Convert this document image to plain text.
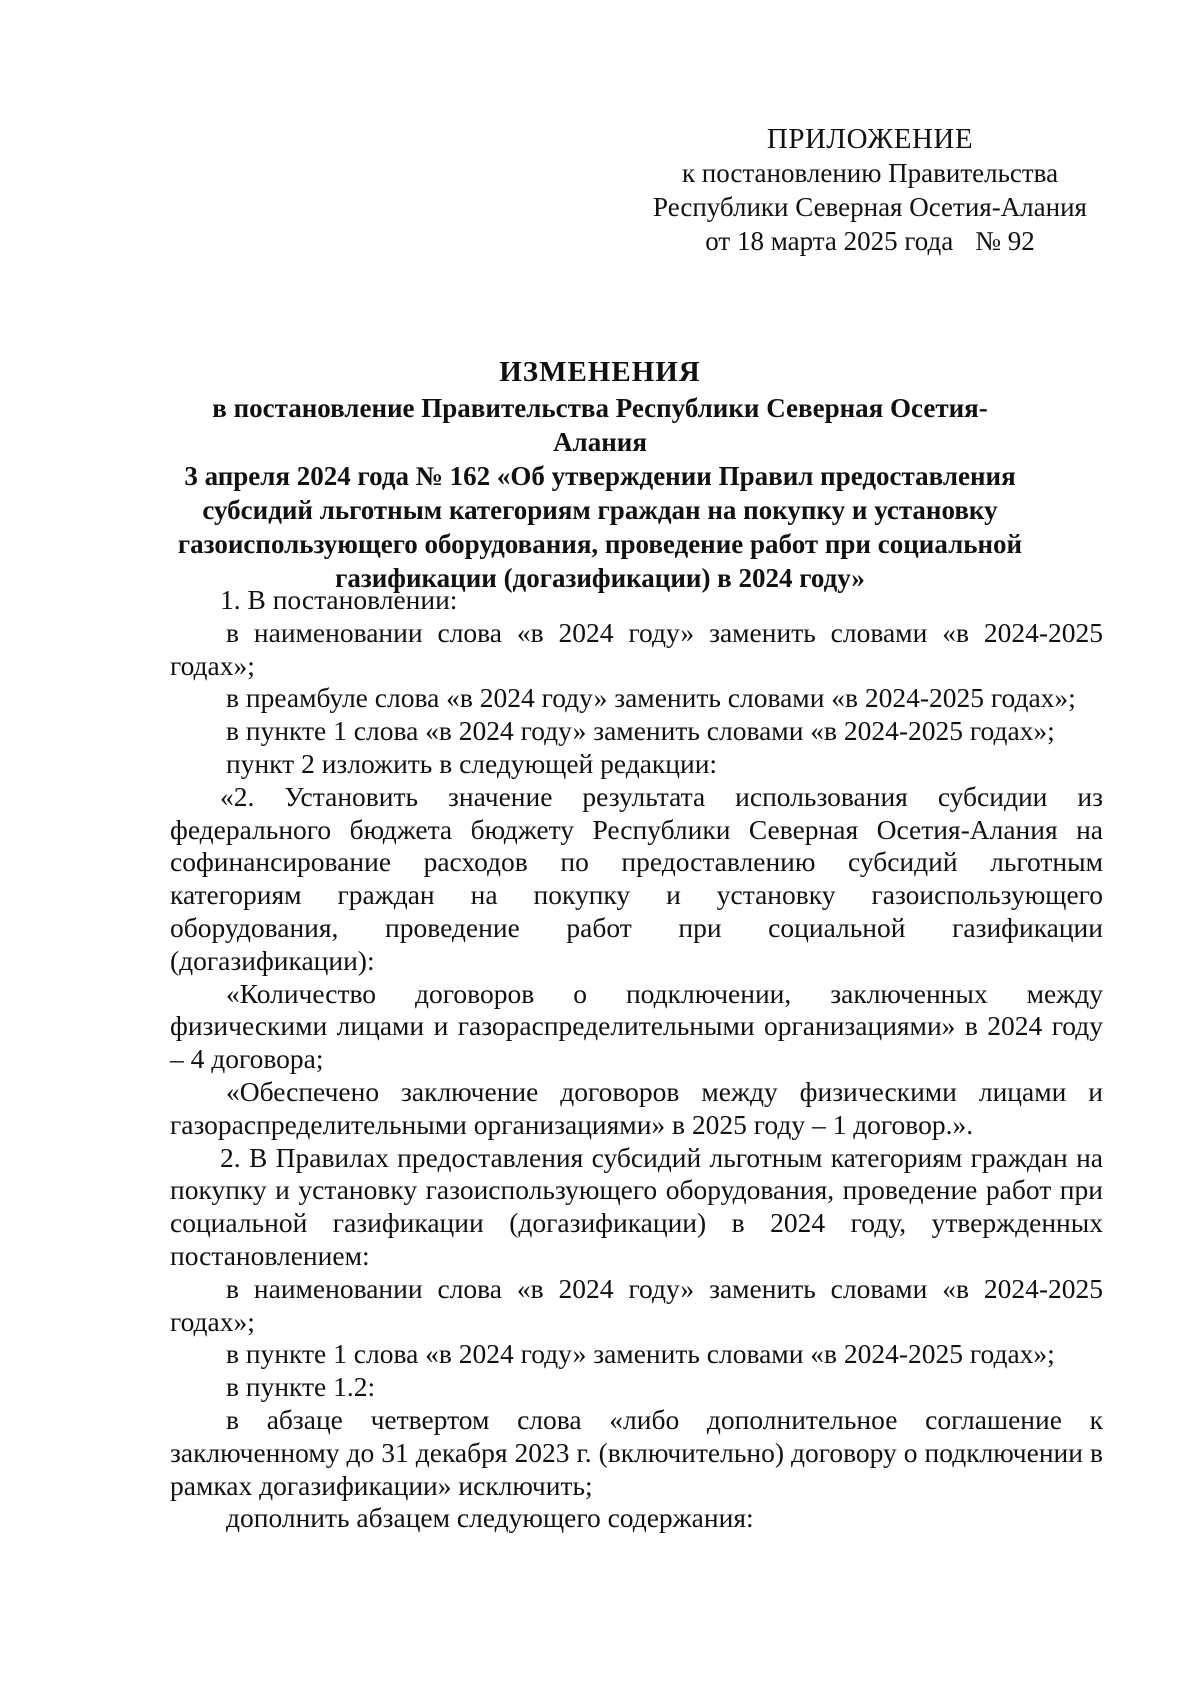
ПРИЛОЖЕНИЕ
к постановлению Правительства
Республики Северная Осетия-Алания
от 18 марта 2025 года № 92
ИЗМЕНЕНИЯ
в постановление Правительства Республики Северная Осетия-Алания
3 апреля 2024 года № 162 «Об утверждении Правил предоставления
субсидий льготным категориям граждан на покупку и установку
газоиспользующего оборудования, проведение работ при социальной
газификации (догазификации) в 2024 году»

1. В постановлении:

в наименовании слова «в 2024 году» заменить словами «в 2024-2025 годах»;

в преамбуле слова «в 2024 году» заменить словами «в 2024-2025 годах»;

в пункте 1 слова «в 2024 году» заменить словами «в 2024-2025 годах»;

пункт 2 изложить в следующей редакции:

«2. Установить значение результата использования субсидии из федерального бюджета бюджету Республики Северная Осетия-Алания на софинансирование расходов по предоставлению субсидий льготным категориям граждан на покупку и установку газоиспользующего оборудования, проведение работ при социальной газификации (догазификации):

«Количество договоров о подключении, заключенных между физическими лицами и газораспределительными организациями» в 2024 году – 4 договора;

«Обеспечено заключение договоров между физическими лицами и газораспределительными организациями» в 2025 году – 1 договор.».

2. В Правилах предоставления субсидий льготным категориям граждан на покупку и установку газоиспользующего оборудования, проведение работ при социальной газификации (догазификации) в 2024 году, утвержденных постановлением:

в наименовании слова «в 2024 году» заменить словами «в 2024-2025 годах»;

в пункте 1 слова «в 2024 году» заменить словами «в 2024-2025 годах»;

в пункте 1.2:

в абзаце четвертом слова «либо дополнительное соглашение к заключенному до 31 декабря 2023 г. (включительно) договору о подключении в рамках догазификации» исключить;

дополнить абзацем следующего содержания:
